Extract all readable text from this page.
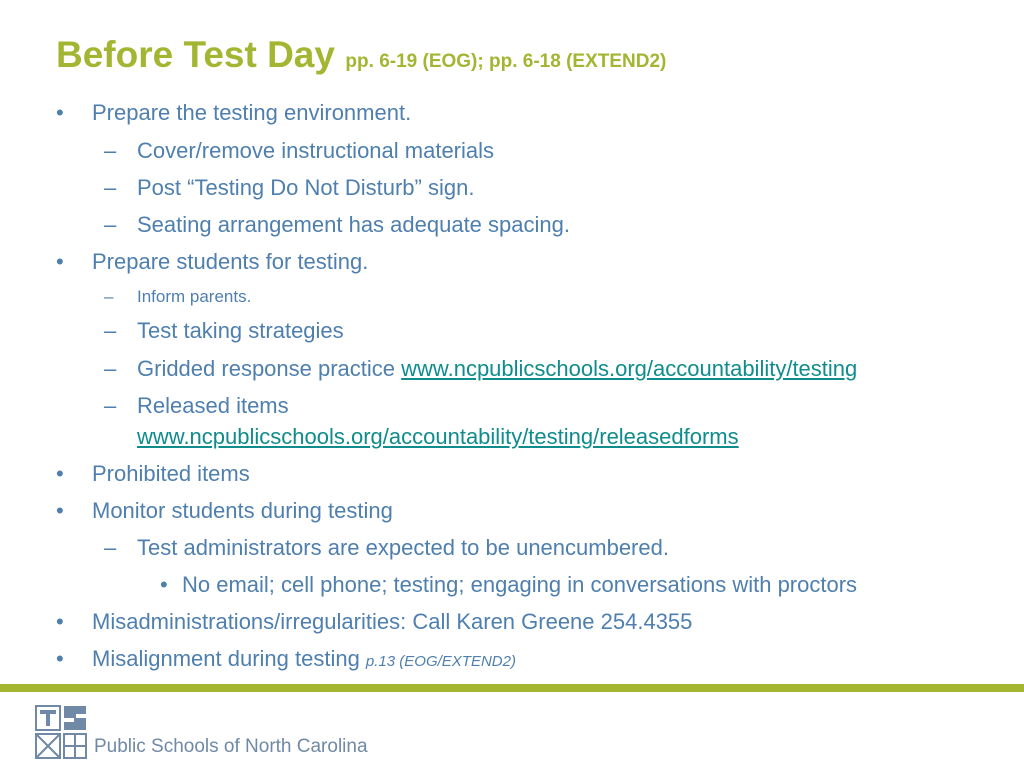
Before Test Day pp. 6-19 (EOG); pp. 6-18 (EXTEND2)
• Prepare the testing environment.
– Cover/remove instructional materials
– Post “Testing Do Not Disturb” sign.
– Seating arrangement has adequate spacing.
• Prepare students for testing.
– Inform parents.
– Test taking strategies
– Gridded response practice www.ncpublicschools.org/accountability/testing
– Released items
www.ncpublicschools.org/accountability/testing/releasedforms
• Prohibited items
• Monitor students during testing
– Test administrators are expected to be unencumbered.
• No email; cell phone; testing; engaging in conversations with proctors
• Misadministrations/irregularities: Call Karen Greene 254.4355
• Misalignment during testing p.13 (EOG/EXTEND2)
Public Schools of North Carolina
